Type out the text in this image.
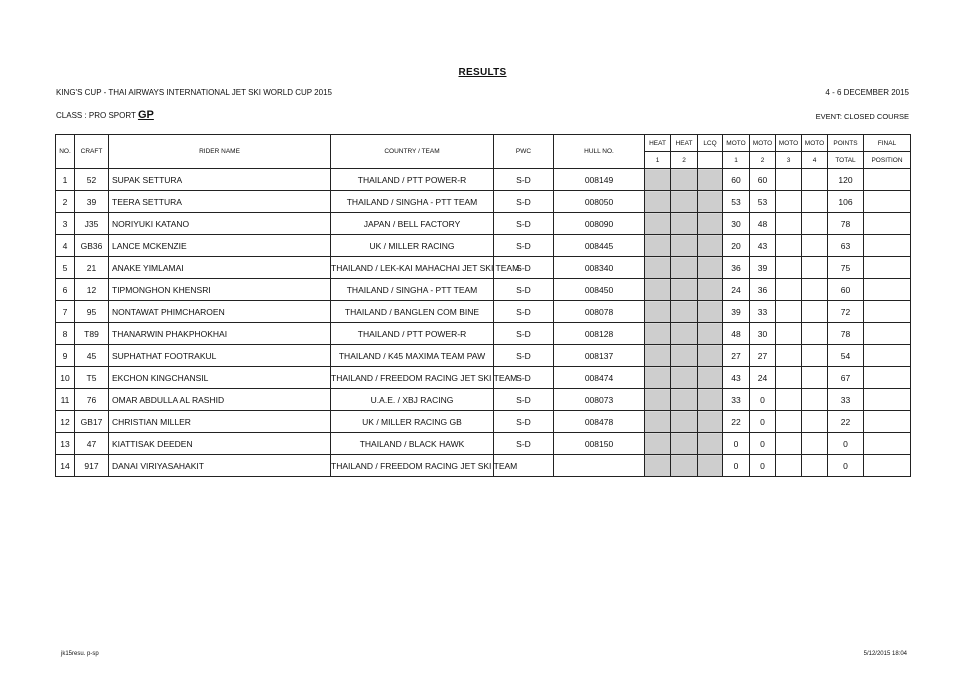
RESULTS
KING'S CUP - THAI AIRWAYS INTERNATIONAL JET SKI WORLD CUP 2015	4 - 6 DECEMBER 2015
CLASS : PRO SPORT GP	EVENT: CLOSED COURSE
NO.	CRAFT	RIDER NAME	COUNTRY / TEAM	PWC	HULL NO.	HEAT	HEAT	LCQ	MOTO	MOTO	MOTO	MOTO	POINTS	FINAL
						1	2		1	2	3	4	TOTAL	POSITION
1	52	SUPAK SETTURA	THAILAND / PTT POWER-R	S-D	008149				60	60			120	
2	39	TEERA SETTURA	THAILAND / SINGHA - PTT TEAM	S-D	008050				53	53			106	
3	J35	NORIYUKI KATANO	JAPAN / BELL FACTORY	S-D	008090				30	48			78	
4	GB36	LANCE MCKENZIE	UK / MILLER RACING	S-D	008445				20	43			63	
5	21	ANAKE YIMLAMAI	THAILAND / LEK-KAI MAHACHAI JET SKI TEAM	S-D	008340				36	39			75	
6	12	TIPMONGHON KHENSRI	THAILAND / SINGHA - PTT TEAM	S-D	008450				24	36			60	
7	95	NONTAWAT PHIMCHAROEN	THAILAND / BANGLEN COM BINE	S-D	008078				39	33			72	
8	T89	THANARWIN PHAKPHOKHAI	THAILAND / PTT POWER-R	S-D	008128				48	30			78	
9	45	SUPHATHAT FOOTRAKUL	THAILAND / K45 MAXIMA TEAM PAW	S-D	008137				27	27			54	
10	T5	EKCHON KINGCHANSIL	THAILAND / FREEDOM RACING JET SKI TEAM	S-D	008474				43	24			67	
11	76	OMAR ABDULLA AL RASHID	U.A.E. / XBJ RACING	S-D	008073				33	0			33	
12	GB17	CHRISTIAN MILLER	UK / MILLER RACING GB	S-D	008478				22	0			22	
13	47	KIATTISAK DEEDEN	THAILAND / BLACK HAWK	S-D	008150				0	0			0	
14	917	DANAI VIRIYASAHAKIT	THAILAND / FREEDOM RACING JET SKI TEAM						0	0			0	
jk15resu. p-sp	5/12/2015 18:04
